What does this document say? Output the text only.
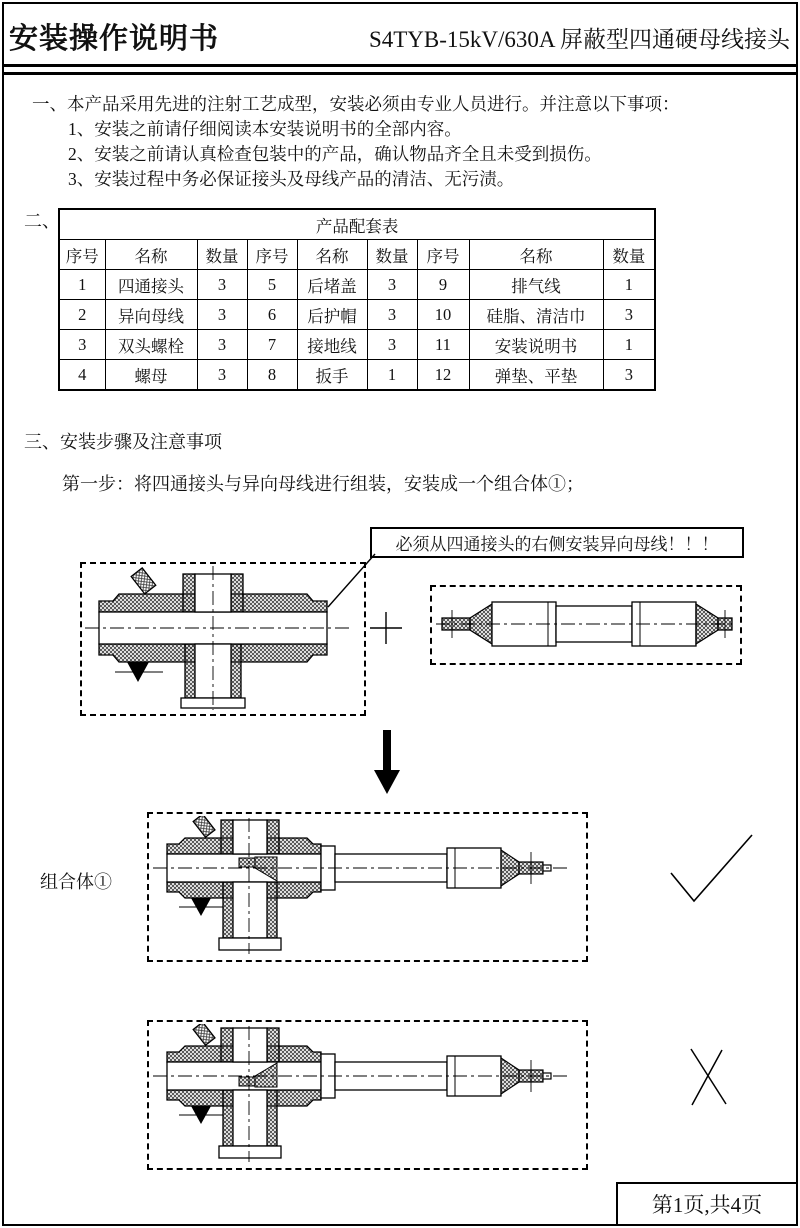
安装操作说明书	S4TYB-15kV/630A 屏蔽型四通硬母线接头
一、本产品采用先进的注射工艺成型，安装必须由专业人员进行。并注意以下事项：
1、安装之前请仔细阅读本安装说明书的全部内容。
2、安装之前请认真检查包装中的产品，确认物品齐全且未受到损伤。
3、安装过程中务必保证接头及母线产品的清洁、无污渍。
二、	产品配套表								
序号	名称	数量	序号	名称	数量	序号	名称	数量
1	四通接头	3	5	后堵盖	3	9	排气线	1
2	异向母线	3	6	后护帽	3	10	硅脂、清洁巾	3
3	双头螺栓	3	7	接地线	3	11	安装说明书	1
4	螺母	3	8	扳手	1	12	弹垫、平垫	3
三、安装步骤及注意事项
第一步：将四通接头与异向母线进行组装，安装成一个组合体①；
必须从四通接头的右侧安装异向母线！！！
组合体①
第1页,共4页
